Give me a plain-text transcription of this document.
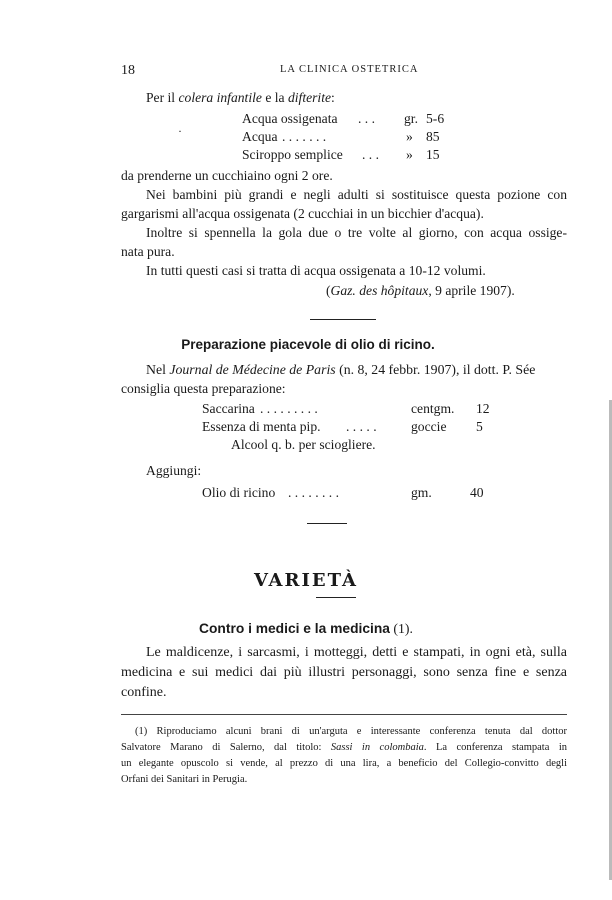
18	LA CLINICA OSTETRICA
Per il colera infantile e la difterite:
Acqua ossigenata . . . gr. 5-6
·	Acqua . . . . . . .	» 85
Sciroppo semplice . . . » 15
da prenderne un cucchiaino ogni 2 ore.
Nei bambini più grandi e negli adulti si sostituisce questa pozione con
gargarismi all'acqua ossigenata (2 cucchiai in un bicchier d'acqua).
Inoltre si spennella la gola due o tre volte al giorno, con acqua ossige-
nata pura.
In tutti questi casi si tratta di acqua ossigenata a 10-12 volumi.
(Gaz. des hôpitaux, 9 aprile 1907).
Preparazione piacevole di olio di ricino.
Nel Journal de Médecine de Paris (n. 8, 24 febbr. 1907), il dott. P. Sée
consiglia questa preparazione:
Saccarina . . . . . . . . .	centgm. 12
Essenza di menta pip. . . . . .	goccie 5
Alcool q. b. per sciogliere.
Aggiungi:
Olio di ricino . . . . . . . .	gm.	40
VARIETÀ
Contro i medici e la medicina (1).
Le maldicenze, i sarcasmi, i motteggi, detti e stampati, in ogni età, sulla
medicina e sui medici dai più illustri personaggi, sono senza fine e senza
confine.
(1) Riproduciamo alcuni brani di un'arguta e interessante conferenza tenuta dal dottor
Salvatore Marano di Salerno, dal titolo: Sassi in colombaia. La conferenza stampata in
un elegante opuscolo si vende, al prezzo di una lira, a beneficio del Collegio-convitto degli
Orfani dei Sanitari in Perugia.
